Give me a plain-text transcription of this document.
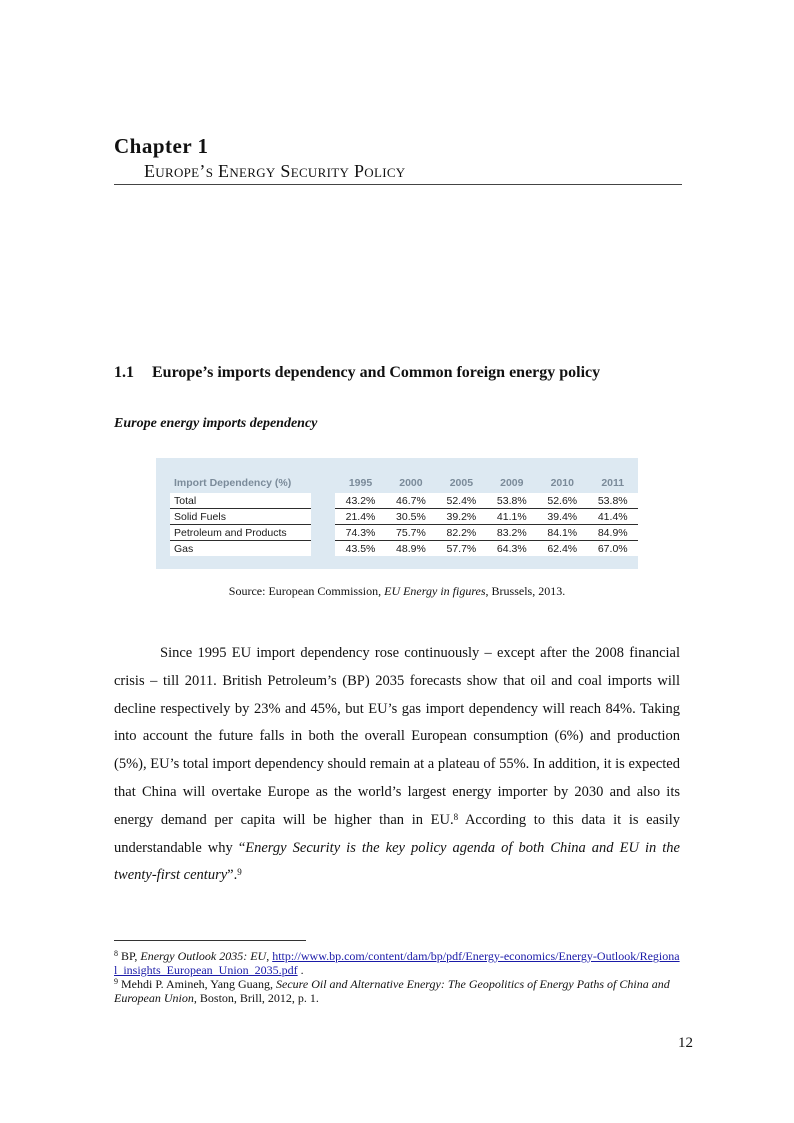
Chapter 1
Europe’s Energy Security Policy
1.1 Europe’s imports dependency and Common foreign energy policy
Europe energy imports dependency
Import Dependency (%)		1995	2000	2005	2009	2010	2011
Total		43.2%	46.7%	52.4%	53.8%	52.6%	53.8%
Solid Fuels		21.4%	30.5%	39.2%	41.1%	39.4%	41.4%
Petroleum and Products		74.3%	75.7%	82.2%	83.2%	84.1%	84.9%
Gas		43.5%	48.9%	57.7%	64.3%	62.4%	67.0%
Source: European Commission, EU Energy in figures, Brussels, 2013.
Since 1995 EU import dependency rose continuously – except after the 2008 financial crisis – till 2011. British Petroleum’s (BP) 2035 forecasts show that oil and coal imports will decline respectively by 23% and 45%, but EU’s gas import dependency will reach 84%. Taking into account the future falls in both the overall European consumption (6%) and production (5%), EU’s total import dependency should remain at a plateau of 55%. In addition, it is expected that China will overtake Europe as the world’s largest energy importer by 2030 and also its energy demand per capita will be higher than in EU.$^8$ According to this data it is easily understandable why “Energy Security is the key policy agenda of both China and EU in the twenty-first century”.$^9$
$^8$ BP, Energy Outlook 2035: EU, http://www.bp.com/content/dam/bp/pdf/Energy-economics/Energy-Outlook/Regional_insights_European_Union_2035.pdf .
$^9$ Mehdi P. Amineh, Yang Guang, Secure Oil and Alternative Energy: The Geopolitics of Energy Paths of China and European Union, Boston, Brill, 2012, p. 1.
12
